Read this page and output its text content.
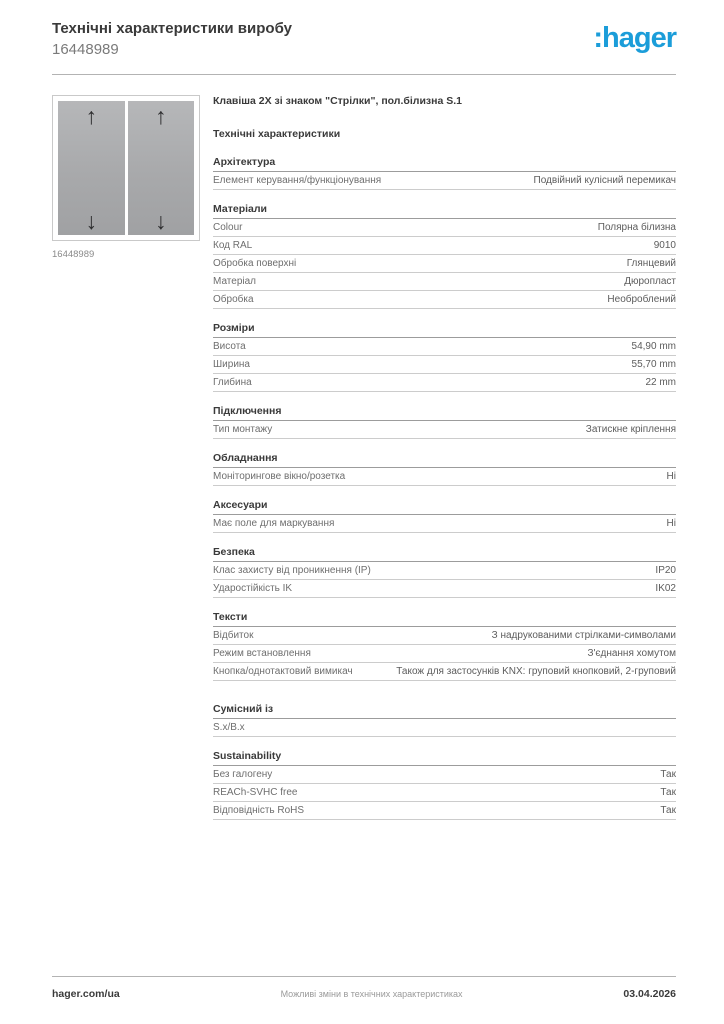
Технічні характеристики виробу
16448989	:hager
↑
↓
↑
↓
16448989
Клавіша 2X зі знаком "Стрілки", пол.білизна S.1
Технічні характеристики
Архітектура
Елемент керування/функціонування	Подвійний кулісний перемикач
Матеріали
Colour	Полярна білизна
Код RAL	9010
Обробка поверхні	Глянцевий
Матеріал	Дюропласт
Обробка	Необроблений
Розміри
Висота	54,90 mm
Ширина	55,70 mm
Глибина	22 mm
Підключення
Тип монтажу	Затискне кріплення
Обладнання
Моніторингове вікно/розетка	Ні
Аксесуари
Має поле для маркування	Ні
Безпека
Клас захисту від проникнення (IP)	IP20
Ударостійкість IK	IK02
Тексти
Відбиток	З надрукованими стрілками-символами
Режим встановлення	З'єднання хомутом
Кнопка/однотактовий вимикач	Також для застосунків KNX: груповий кнопковий, 2-груповий
Сумісний із
S.x/B.x
Sustainability
Без галогену	Так
REACh-SVHC free	Так
Відповідність RoHS	Так
hager.com/ua	Можливі зміни в технічних характеристиках	03.04.2026
